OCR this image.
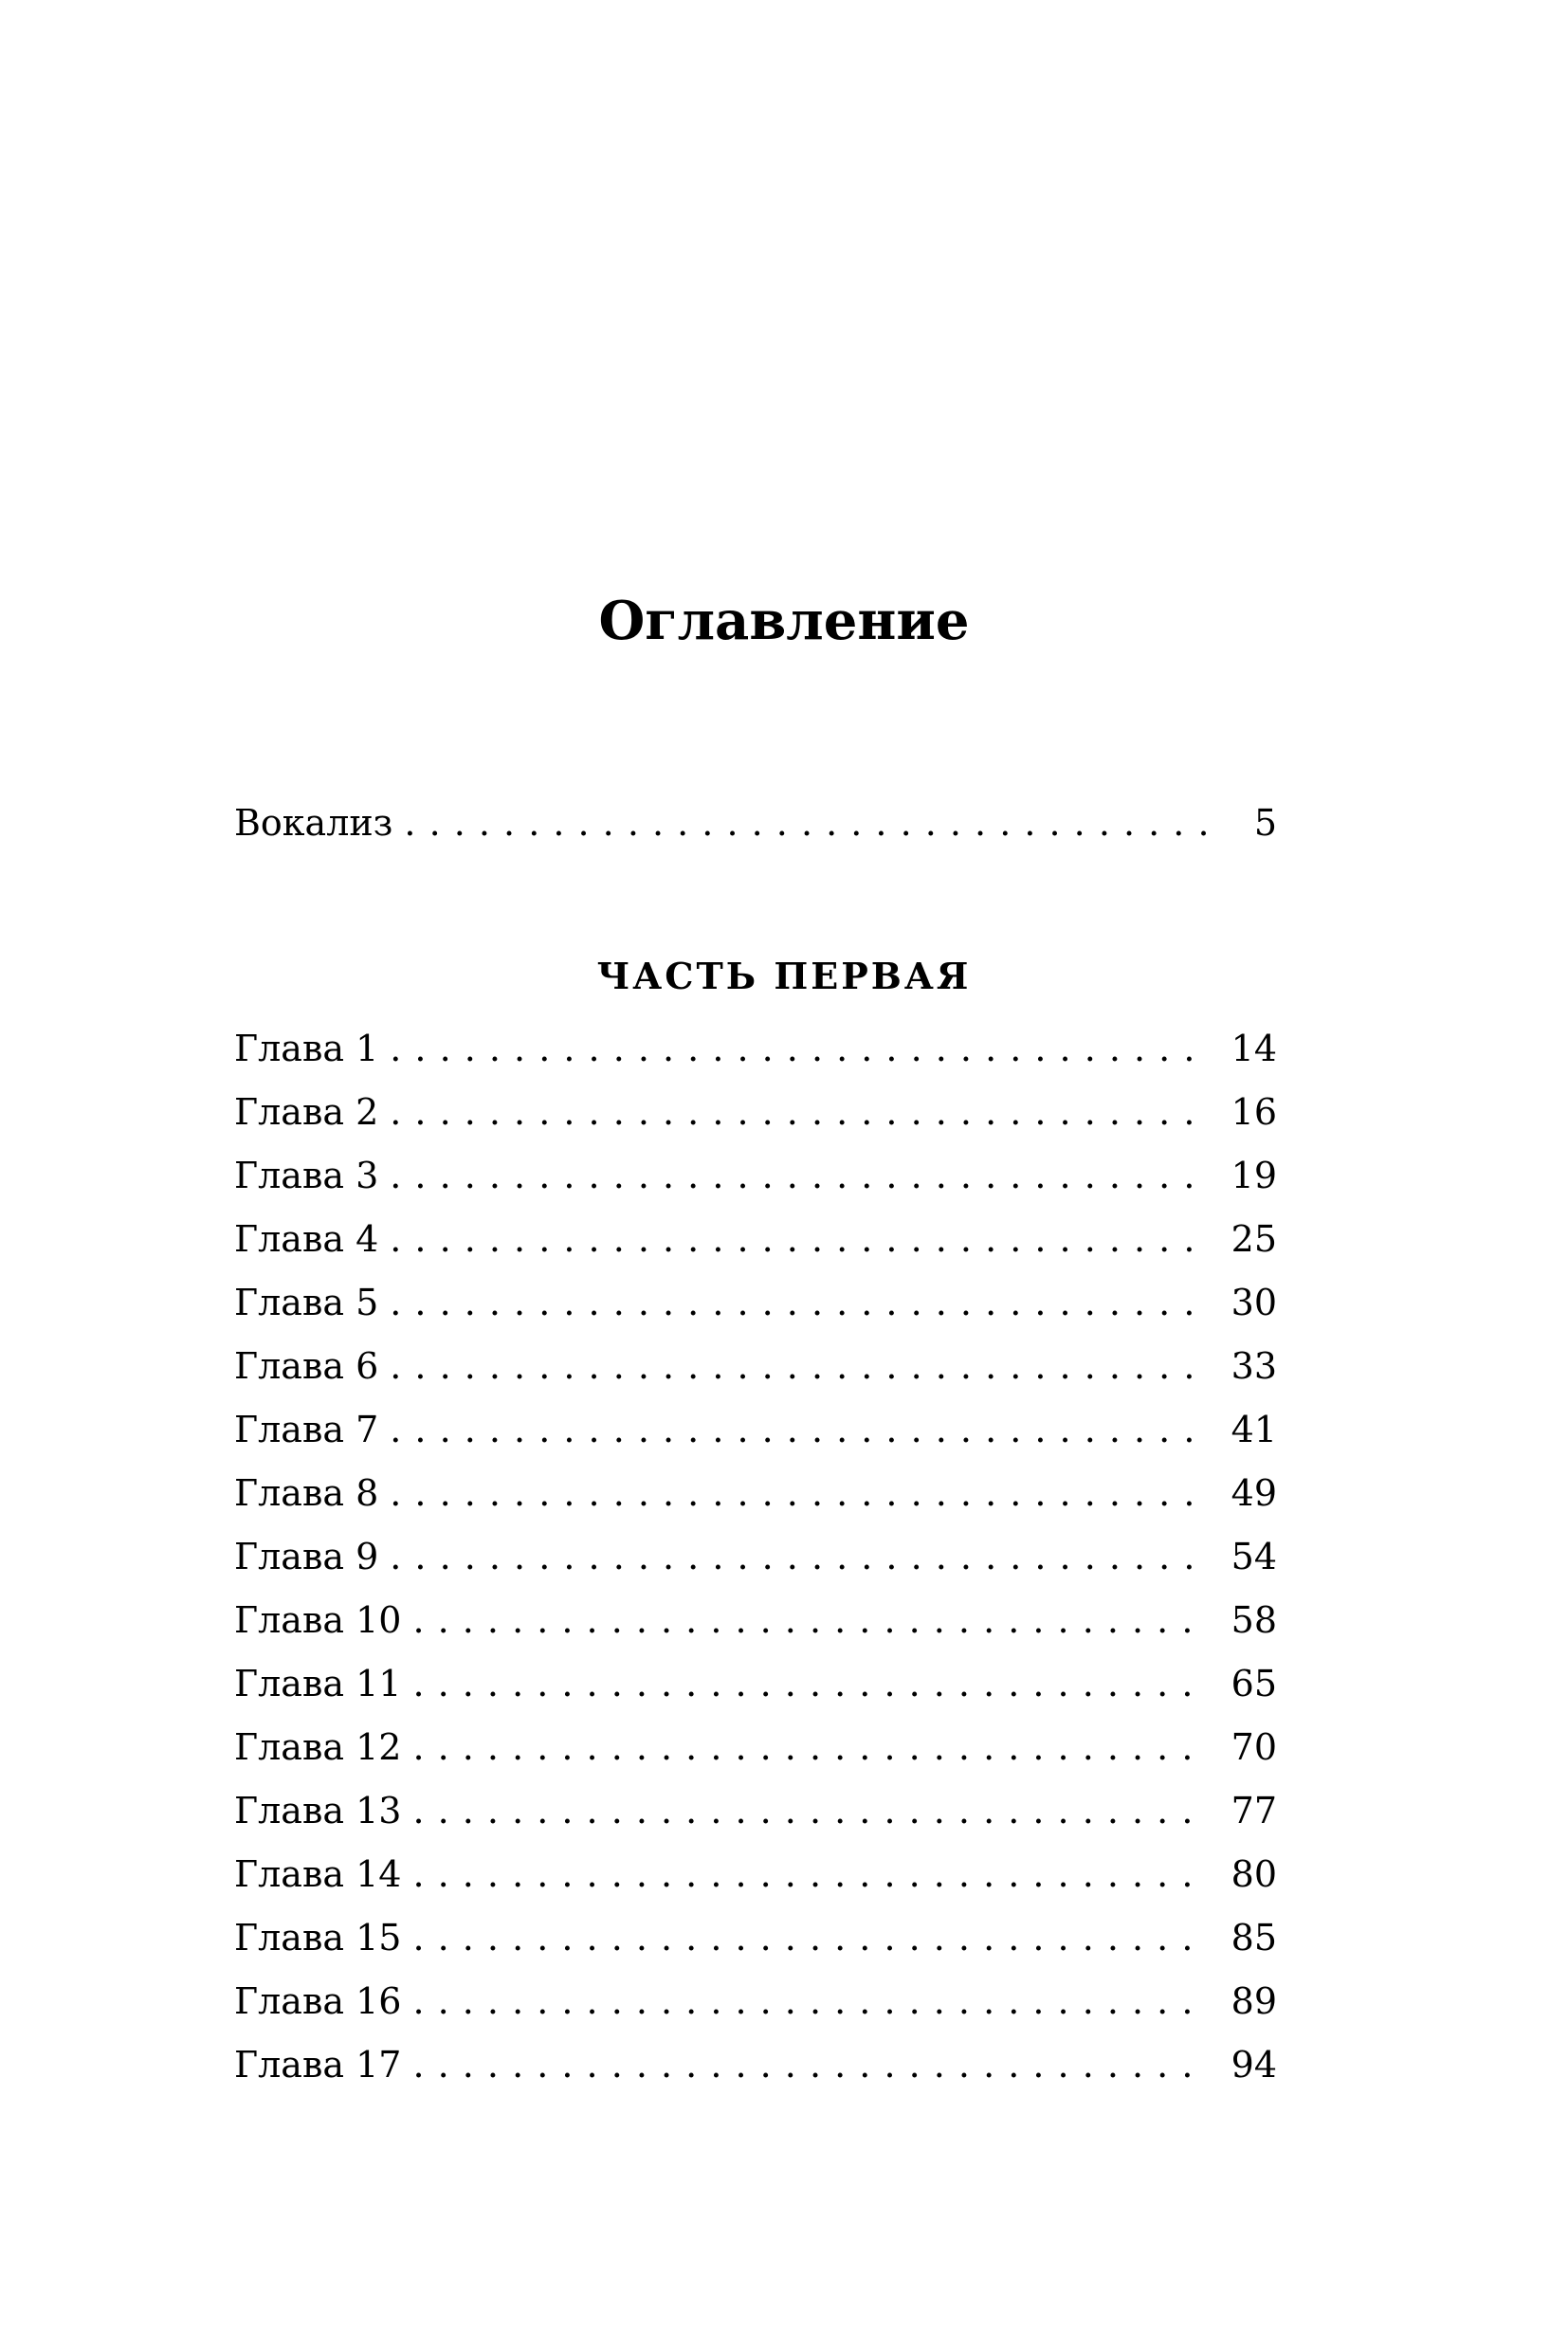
Оглавление
Вокализ . . .	5
ЧАСТЬ ПЕРВАЯ
Глава 1 . . .	14
Глава 2 . . .	16
Глава 3 . . .	19
Глава 4 . . .	25
Глава 5 . . .	30
Глава 6 . . .	33
Глава 7 . . .	41
Глава 8 . . .	49
Глава 9 . . .	54
Глава 10 . . .	58
Глава 11 . . .	65
Глава 12 . . .	70
Глава 13 . . .	77
Глава 14 . . .	80
Глава 15 . . .	85
Глава 16 . . .	89
Глава 17 . . .	94
